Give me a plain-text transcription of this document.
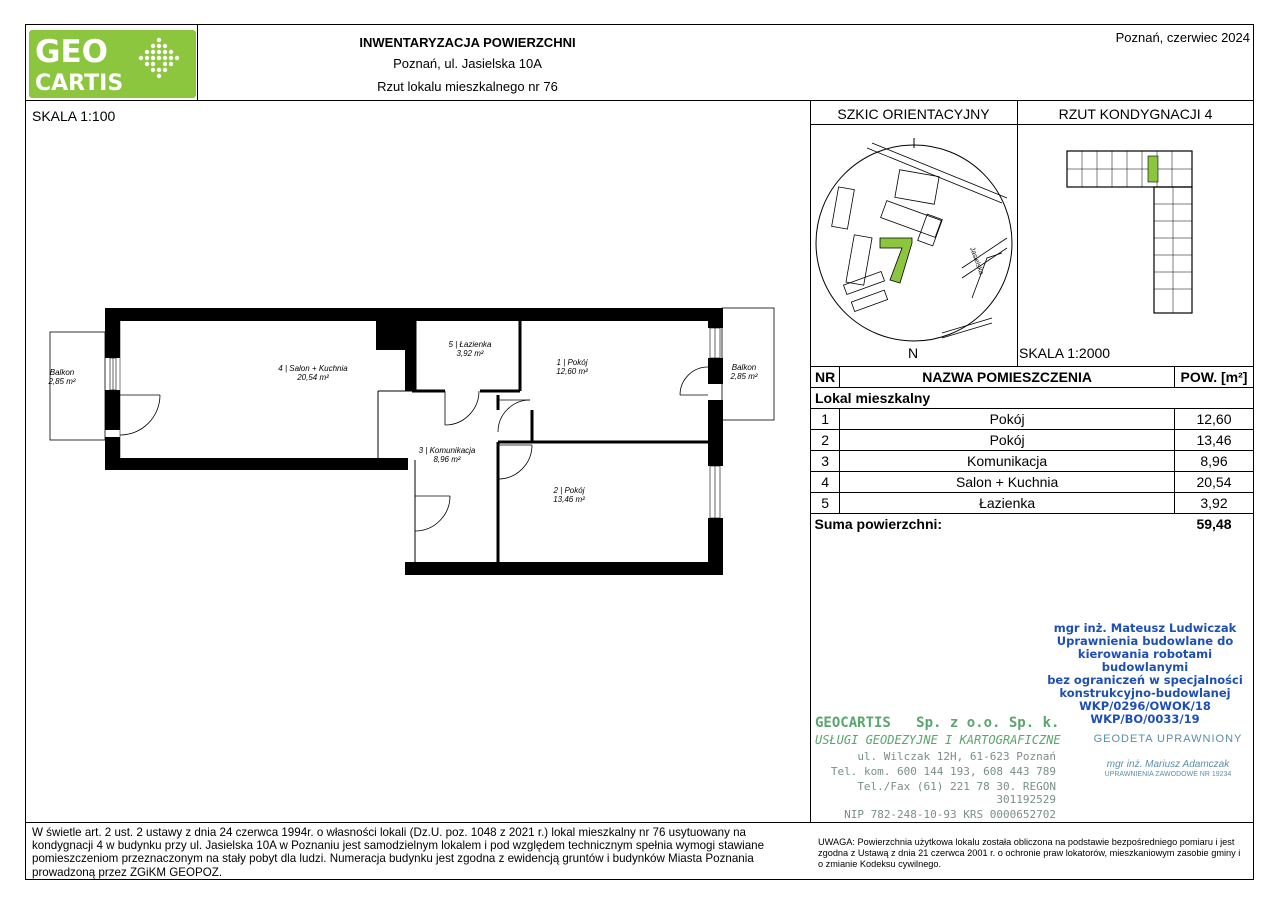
GEO
CARTIS
INWENTARYZACJA POWIERZCHNI
Poznań, ul. Jasielska 10A
Rzut lokalu mieszkalnego nr 76
Poznań, czerwiec 2024
SKALA 1:100
4 | Salon + Kuchnia
20,54 m²
5 | Łazienka
3,92 m²
1 | Pokój
12,60 m²
3 | Komunikacja
8,96 m²
2 | Pokój
13,46 m²
Balkon
2,85 m²
Balkon
2,85 m²
SZKIC ORIENTACYJNY
Jasielska
N
RZUT KONDYGNACJI 4
SKALA 1:2000
NR	NAZWA POMIESZCZENIA	POW. [m²]
Lokal mieszkalny		
1	Pokój	12,60
2	Pokój	13,46
3	Komunikacja	8,96
4	Salon + Kuchnia	20,54
5	Łazienka	3,92
Suma powierzchni:		59,48
mgr inż. Mateusz Ludwiczak
Uprawnienia budowlane do
kierowania robotami budowlanymi
bez ograniczeń w specjalności
konstrukcyjno-budowlanej
WKP/0296/OWOK/18
WKP/BO/0033/19
GEOCARTIS   Sp. z o.o. Sp. k.
USŁUGI GEODEZYJNE I KARTOGRAFICZNE
ul. Wilczak 12H, 61-623 Poznań
Tel. kom. 600 144 193, 608 443 789
Tel./Fax (61) 221 78 30. REGON 301192529
NIP 782-248-10-93 KRS 0000652702
GEODETA UPRAWNIONY
mgr inż. Mariusz Adamczak
UPRAWNIENIA ZAWODOWE NR 19234
W świetle art. 2 ust. 2 ustawy z dnia 24 czerwca 1994r. o własności lokali (Dz.U. poz. 1048 z 2021 r.) lokal mieszkalny nr 76 usytuowany na kondygnacji 4 w budynku przy ul. Jasielska 10A w Poznaniu jest samodzielnym lokalem i pod względem technicznym spełnia wymogi stawiane pomieszczeniom przeznaczonym na stały pobyt dla ludzi. Numeracja budynku jest zgodna z ewidencją gruntów i budynków Miasta Poznania prowadzoną przez ZGiKM GEOPOZ.
UWAGA: Powierzchnia użytkowa lokalu została obliczona na podstawie bezpośredniego pomiaru i jest zgodna z Ustawą z dnia 21 czerwca 2001 r. o ochronie praw lokatorów, mieszkaniowym zasobie gminy i o zmianie Kodeksu cywilnego.
